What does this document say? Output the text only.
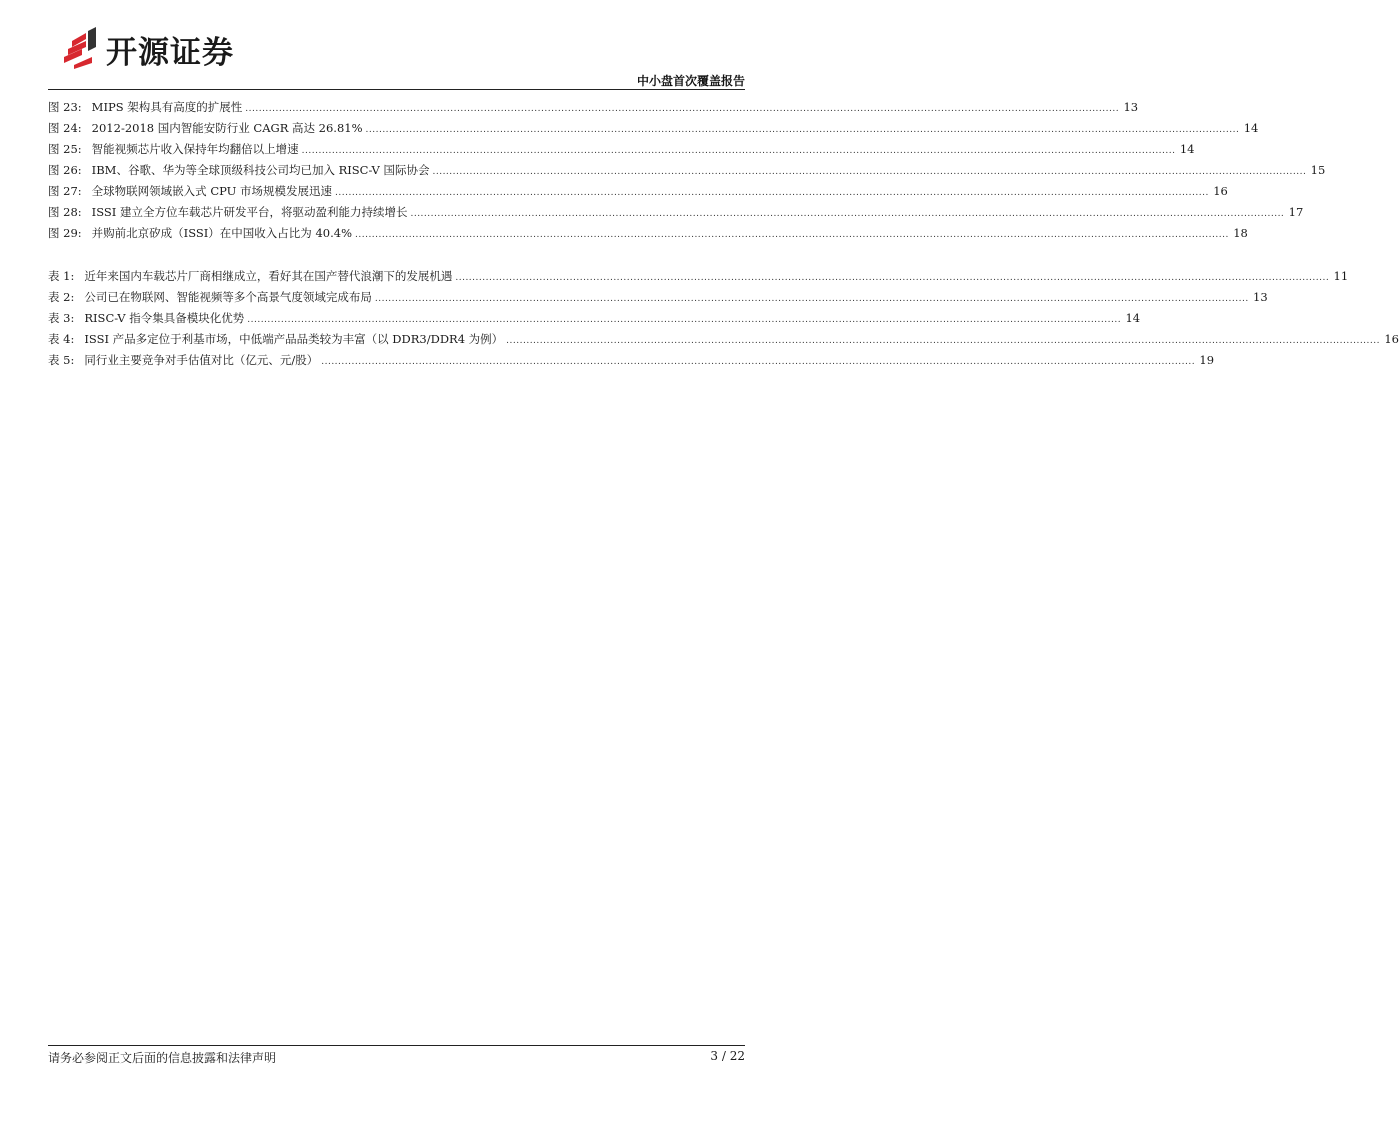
开源证券
中小盘首次覆盖报告
图 23: MIPS 架构具有高度的扩展性 .................................................................................................................................................................................................................................................................... 13
图 24: 2012-2018 国内智能安防行业 CAGR 高达 26.81% .................................................................................................................................................................................................................................................................... 14
图 25: 智能视频芯片收入保持年均翻倍以上增速 .................................................................................................................................................................................................................................................................... 14
图 26: IBM、谷歌、华为等全球顶级科技公司均已加入 RISC-V 国际协会 .................................................................................................................................................................................................................................................................... 15
图 27: 全球物联网领域嵌入式 CPU 市场规模发展迅速 .................................................................................................................................................................................................................................................................... 16
图 28: ISSI 建立全方位车载芯片研发平台，将驱动盈利能力持续增长 .................................................................................................................................................................................................................................................................... 17
图 29: 并购前北京矽成（ISSI）在中国收入占比为 40.4% .................................................................................................................................................................................................................................................................... 18
表 1: 近年来国内车载芯片厂商相继成立，看好其在国产替代浪潮下的发展机遇 .................................................................................................................................................................................................................................................................... 11
表 2: 公司已在物联网、智能视频等多个高景气度领域完成布局 .................................................................................................................................................................................................................................................................... 13
表 3: RISC-V 指令集具备模块化优势 .................................................................................................................................................................................................................................................................... 14
表 4: ISSI 产品多定位于利基市场，中低端产品品类较为丰富（以 DDR3/DDR4 为例） .................................................................................................................................................................................................................................................................... 16
表 5: 同行业主要竞争对手估值对比（亿元、元/股） .................................................................................................................................................................................................................................................................... 19
请务必参阅正文后面的信息披露和法律声明	3 / 22
